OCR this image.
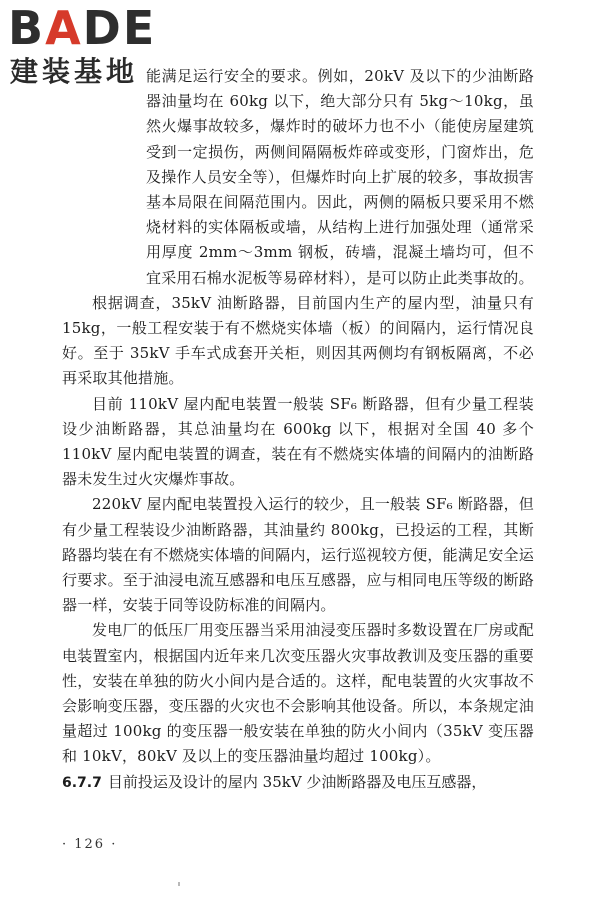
BADE
建装基地 能满足运行安全的要求。例如，20kV 及以下的少油断路器油量均在 60kg 以下，绝大部分只有 5kg～10kg，虽然火爆事故较多，爆炸时的破坏力也不小（能使房屋建筑受到一定损伤，两侧间隔隔板炸碎或变形，门窗炸出，危及操作人员安全等），但爆炸时向上扩展的较多，事故损害基本局限在间隔范围内。因此，两侧的隔板只要采用不燃烧材料的实体隔板或墙，从结构上进行加强处理（通常采用厚度 2mm～3mm 钢板，砖墙，混凝土墙均可，但不宜采用石棉水泥板等易碎材料），是可以防止此类事故的。

根据调查，35kV 油断路器，目前国内生产的屋内型，油量只有 15kg，一般工程安装于有不燃烧实体墙（板）的间隔内，运行情况良好。至于 35kV 手车式成套开关柜，则因其两侧均有钢板隔离，不必再采取其他措施。

目前 110kV 屋内配电装置一般装 SF₆ 断路器，但有少量工程装设少油断路器，其总油量均在 600kg 以下，根据对全国 40 多个 110kV 屋内配电装置的调查，装在有不燃烧实体墙的间隔内的油断路器未发生过火灾爆炸事故。

220kV 屋内配电装置投入运行的较少，且一般装 SF₆ 断路器，但有少量工程装设少油断路器，其油量约 800kg，已投运的工程，其断路器均装在有不燃烧实体墙的间隔内，运行巡视较方便，能满足安全运行要求。至于油浸电流互感器和电压互感器，应与相同电压等级的断路器一样，安装于同等设防标准的间隔内。

发电厂的低压厂用变压器当采用油浸变压器时多数设置在厂房或配电装置室内，根据国内近年来几次变压器火灾事故教训及变压器的重要性，安装在单独的防火小间内是合适的。这样，配电装置的火灾事故不会影响变压器，变压器的火灾也不会影响其他设备。所以，本条规定油量超过 100kg 的变压器一般安装在单独的防火小间内（35kV 变压器和 10kV，80kV 及以上的变压器油量均超过 100kg）。

6.7.7 目前投运及设计的屋内 35kV 少油断路器及电压互感器，

· 126 ·
